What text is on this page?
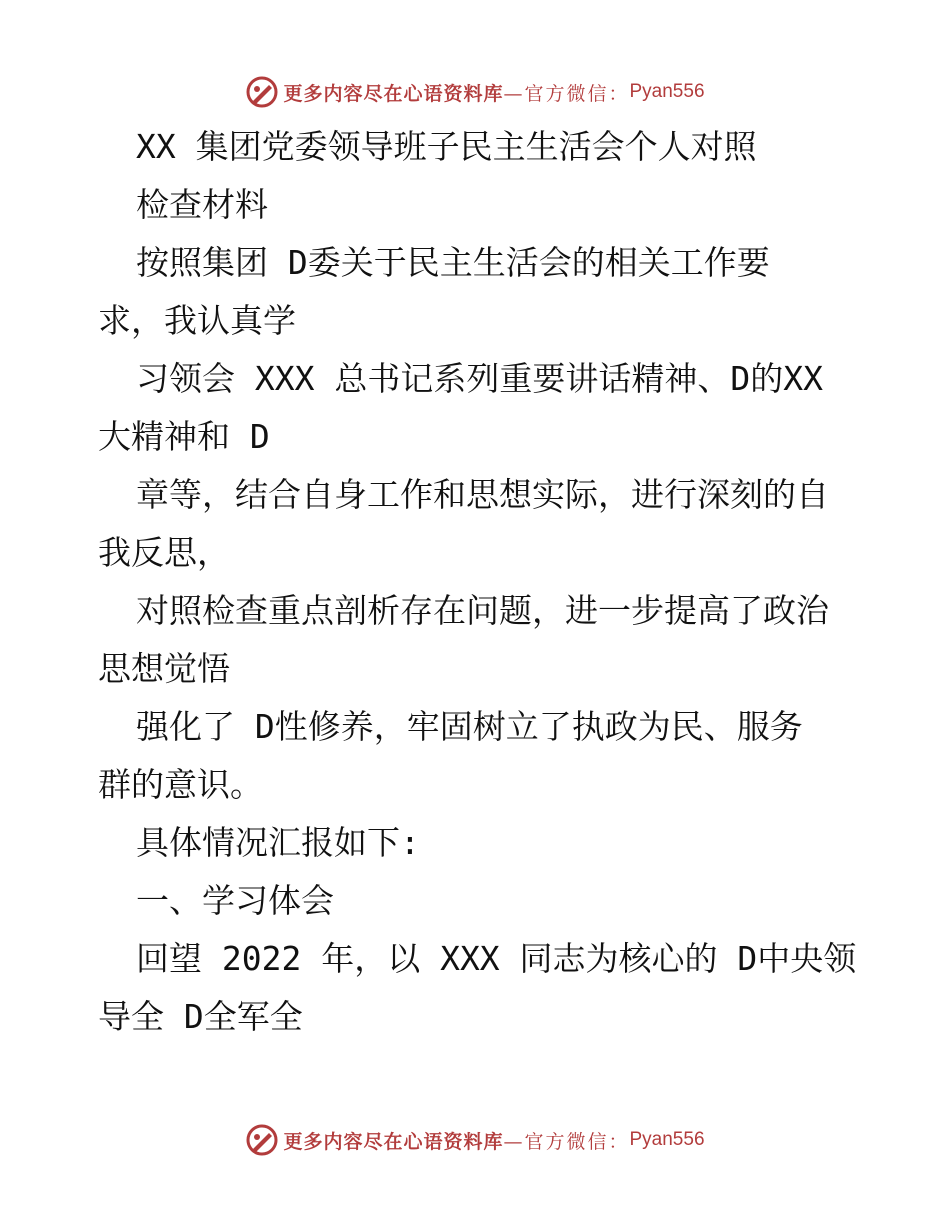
更多内容尽在心语资料库 —官方微信： Pyan556
XX 集团党委领导班子民主生活会个人对照
检查材料
按照集团 D委关于民主生活会的相关工作要
求，我认真学
习领会 XXX 总书记系列重要讲话精神、D的XX
大精神和 D
章等，结合自身工作和思想实际，进行深刻的自
我反思，
对照检查重点剖析存在问题，进一步提高了政治
思想觉悟
强化了 D性修养，牢固树立了执政为民、服务
群的意识。
具体情况汇报如下:
一、学习体会
回望 2022 年，以 XXX 同志为核心的 D中央领
导全 D全军全
更多内容尽在心语资料库 —官方微信： Pyan556
